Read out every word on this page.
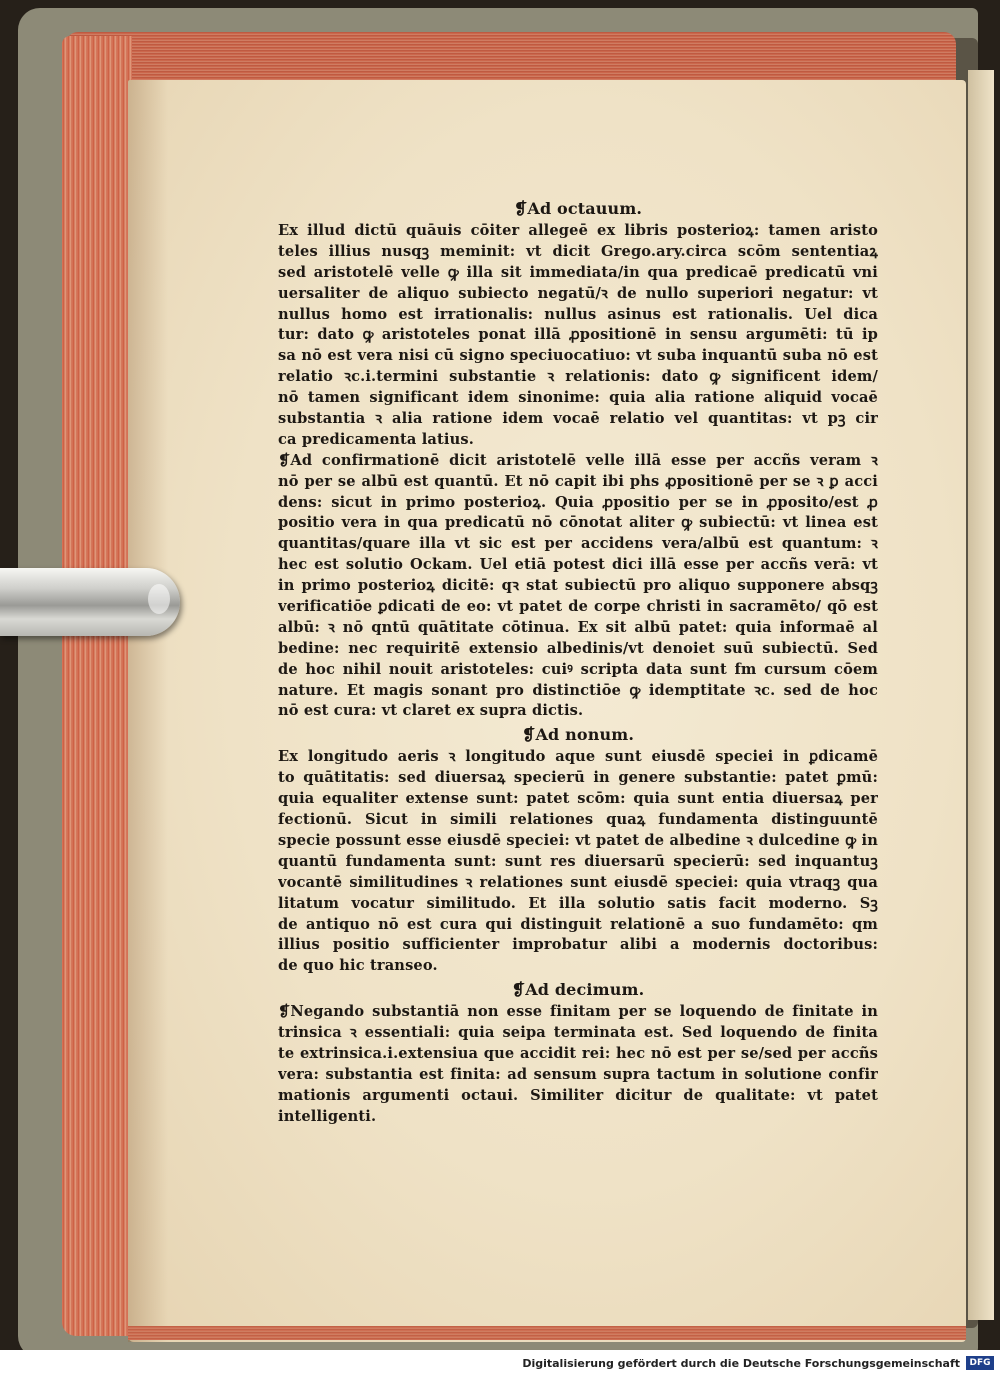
❡Ad octauum.
Ex illud dictū quāuis cōiter allegeē ex libris posterioꝝ: tamen aristo
teles illius nusqꝫ meminit: vt dicit Grego.ary.circa scōm sententiaꝝ
sed aristotelē velle ꝙ illa sit immediata/in qua predicaē predicatū vni
uersaliter de aliquo subiecto negatū/ꝛ de nullo superiori negatur: vt
nullus homo est irrationalis: nullus asinus est rationalis. Uel dica
tur: dato ꝙ aristoteles ponat illā ꝓpositionē in sensu argumēti: tū ip
sa nō est vera nisi cū signo speciuocatiuo: vt suba inquantū suba nō est
relatio ꝛc.i.termini substantie ꝛ relationis: dato ꝙ significent idem/
nō tamen significant idem sinonime: quia alia ratione aliquid vocaē
substantia ꝛ alia ratione idem vocaē relatio vel quantitas: vt pꝫ cir
ca predicamenta latius.
❡Ad confirmationē dicit aristotelē velle illā esse per accñs veram ꝛ
nō per se albū est quantū. Et nō capit ibi phs ꝓpositionē per se ꝛ ꝑ acci
dens: sicut in primo posterioꝝ. Quia ꝓpositio per se in ꝓposito/est ꝓ
positio vera in qua predicatū nō cōnotat aliter ꝙ subiectū: vt linea est
quantitas/quare illa vt sic est per accidens vera/albū est quantum: ꝛ
hec est solutio Ockam. Uel etiā potest dici illā esse per accñs verā: vt
in primo posterioꝝ dicitē: qꝛ stat subiectū pro aliquo supponere absqꝫ
verificatiōe ꝑdicati de eo: vt patet de corpe christi in sacramēto/ qō est
albū: ꝛ nō qntū quātitate cōtinua. Ex sit albū patet: quia informaē al
bedine: nec requiritē extensio albedinis/vt denoiet suū subiectū. Sed
de hoc nihil nouit aristoteles: cuiꝰ scripta data sunt fm cursum cōem
nature. Et magis sonant pro distinctiōe ꝙ idemptitate ꝛc. sed de hoc
nō est cura: vt claret ex supra dictis.
❡Ad nonum.
Ex longitudo aeris ꝛ longitudo aque sunt eiusdē speciei in ꝑdicamē
to quātitatis: sed diuersaꝝ specierū in genere substantie: patet ꝑmū:
quia equaliter extense sunt: patet scōm: quia sunt entia diuersaꝝ per
fectionū. Sicut in simili relationes quaꝝ fundamenta distinguuntē
specie possunt esse eiusdē speciei: vt patet de albedine ꝛ dulcedine ꝙ in
quantū fundamenta sunt: sunt res diuersarū specierū: sed inquantuꝫ
vocantē similitudines ꝛ relationes sunt eiusdē speciei: quia vtraqꝫ qua
litatum vocatur similitudo. Et illa solutio satis facit moderno. Sꝫ
de antiquo nō est cura qui distinguit relationē a suo fundamēto: qm
illius positio sufficienter improbatur alibi a modernis doctoribus:
de quo hic transeo.
❡Ad decimum.
❡Negando substantiā non esse finitam per se loquendo de finitate in
trinsica ꝛ essentiali: quia seipa terminata est. Sed loquendo de finita
te extrinsica.i.extensiua que accidit rei: hec nō est per se/sed per accñs
vera: substantia est finita: ad sensum supra tactum in solutione confir
mationis argumenti octaui. Similiter dicitur de qualitate: vt patet
intelligenti.
Digitalisierung gefördert durch die Deutsche Forschungsgemeinschaft	DFG
